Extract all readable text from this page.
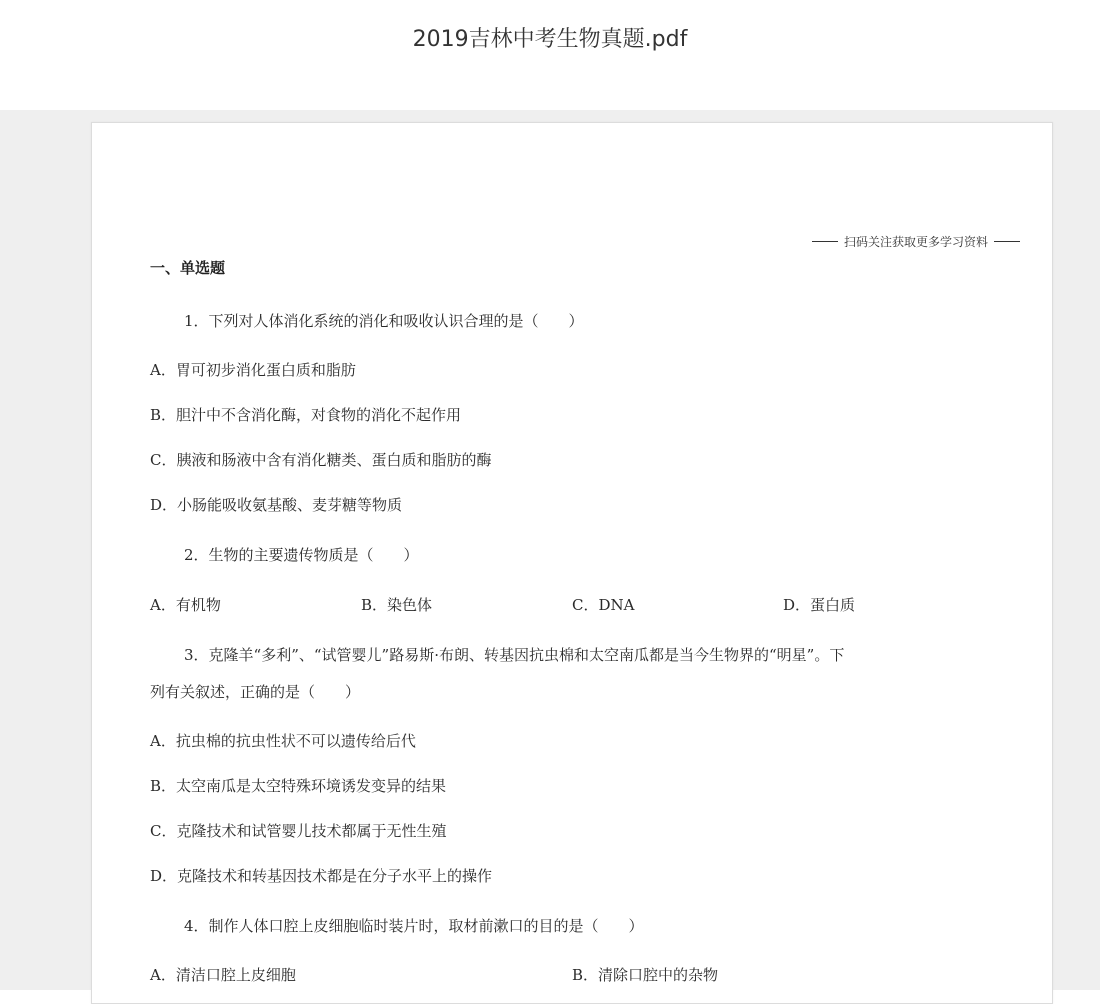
2019吉林中考生物真题.pdf
扫码关注获取更多学习资料
一、单选题
1．下列对人体消化系统的消化和吸收认识合理的是（　　）
A．胃可初步消化蛋白质和脂肪
B．胆汁中不含消化酶，对食物的消化不起作用
C．胰液和肠液中含有消化糖类、蛋白质和脂肪的酶
D．小肠能吸收氨基酸、麦芽糖等物质
2．生物的主要遗传物质是（　　）
A．有机物	B．染色体	C．DNA	D．蛋白质
3．克隆羊“多利”、“试管婴儿”路易斯·布朗、转基因抗虫棉和太空南瓜都是当今生物界的“明星”。下
列有关叙述，正确的是（　　）
A．抗虫棉的抗虫性状不可以遗传给后代
B．太空南瓜是太空特殊环境诱发变异的结果
C．克隆技术和试管婴儿技术都属于无性生殖
D．克隆技术和转基因技术都是在分子水平上的操作
4．制作人体口腔上皮细胞临时装片时，取材前漱口的目的是（　　）
A．清洁口腔上皮细胞	B．清除口腔中的杂物
